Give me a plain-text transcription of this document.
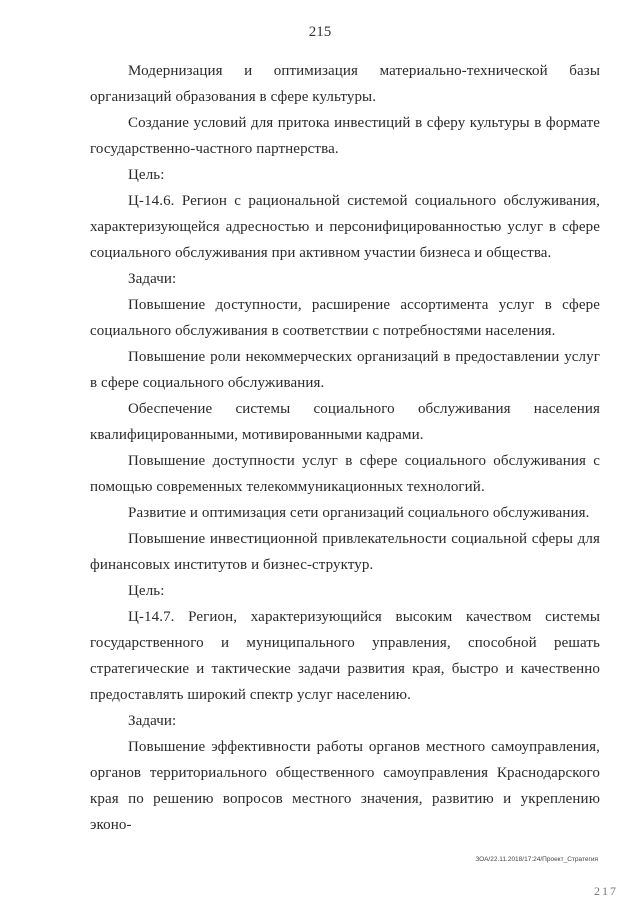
215

Модернизация и оптимизация материально-технической базы организаций образования в сфере культуры.

Создание условий для притока инвестиций в сферу культуры в формате государственно-частного партнерства.

Цель:

Ц-14.6. Регион с рациональной системой социального обслуживания, характеризующейся адресностью и персонифицированностью услуг в сфере социального обслуживания при активном участии бизнеса и общества.

Задачи:

Повышение доступности, расширение ассортимента услуг в сфере социального обслуживания в соответствии с потребностями населения.

Повышение роли некоммерческих организаций в предоставлении услуг в сфере социального обслуживания.

Обеспечение системы социального обслуживания населения квалифицированными, мотивированными кадрами.

Повышение доступности услуг в сфере социального обслуживания с помощью современных телекоммуникационных технологий.

Развитие и оптимизация сети организаций социального обслуживания.

Повышение инвестиционной привлекательности социальной сферы для финансовых институтов и бизнес-структур.

Цель:

Ц-14.7. Регион, характеризующийся высоким качеством системы государственного и муниципального управления, способной решать стратегические и тактические задачи развития края, быстро и качественно предоставлять широкий спектр услуг населению.

Задачи:

Повышение эффективности работы органов местного самоуправления, органов территориального общественного самоуправления Краснодарского края по решению вопросов местного значения, развитию и укреплению эконо-

ЗОА/22.11.2018/17:24/Проект_Стратегия
217
